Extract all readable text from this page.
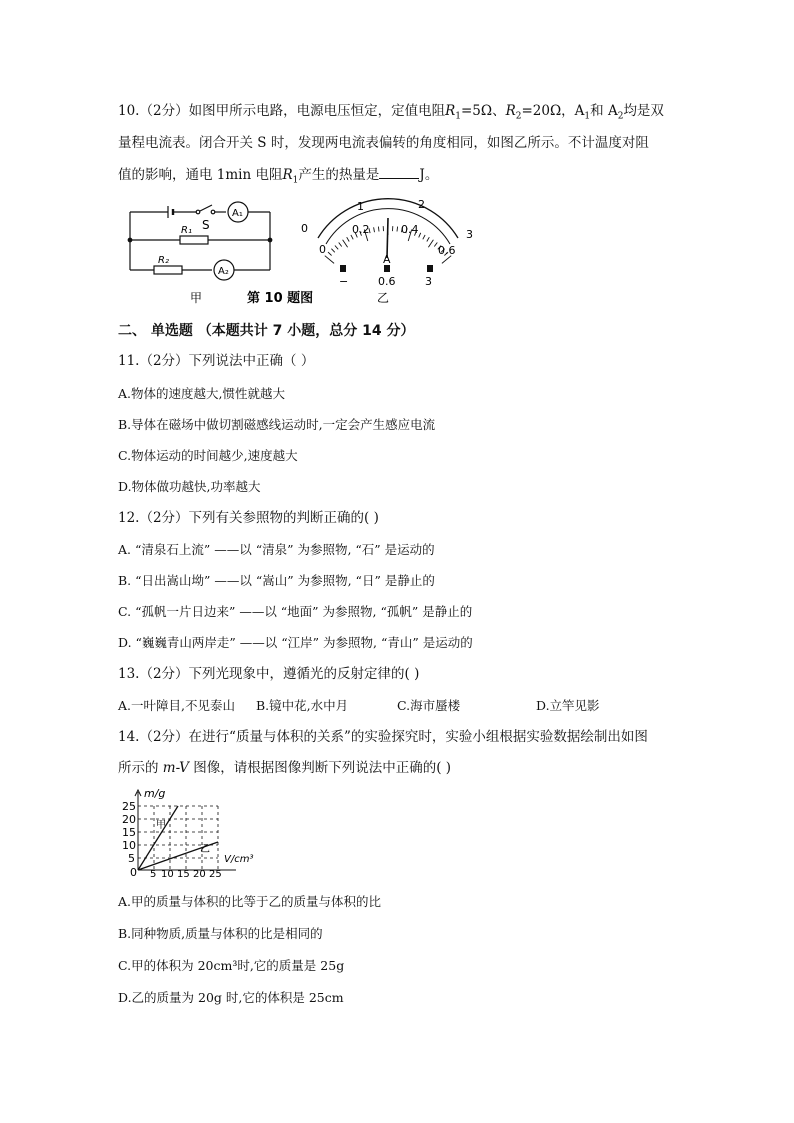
10.（2分）如图甲所示电路，电源电压恒定，定值电阻$R_1=5\Omega$、$R_2=20\Omega$，$A_1$和 $A_2$均是双
量程电流表。闭合开关 S 时，发现两电流表偏转的角度相同，如图乙所示。不计温度对阻
值的影响，通电 1min 电阻$R_1$产生的热量是	J。
S
A₁
R₁
A₂
R₂
甲	第 10 题图
0
1	2
3
0
0.2	0.4
0.6
A
−	0.6	3
乙
二、 单选题 （本题共计 7 小题，总分 14 分）
11.（2分）下列说法中正确（ ）
A.物体的速度越大,惯性就越大
B.导体在磁场中做切割磁感线运动时,一定会产生感应电流
C.物体运动的时间越少,速度越大
D.物体做功越快,功率越大
12.（2分）下列有关参照物的判断正确的( )
A. “清泉石上流” ——以 “清泉” 为参照物, “石” 是运动的
B. “日出嵩山坳” ——以 “嵩山” 为参照物, “日” 是静止的
C. “孤帆一片日边来” ——以 “地面” 为参照物, “孤帆” 是静止的
D. “巍巍青山两岸走” ——以 “江岸” 为参照物, “青山” 是运动的
13.（2分）下列光现象中，遵循光的反射定律的( )
A.一叶障目,不见泰山 B.镜中花,水中月	C.海市蜃楼	D.立竿见影
14.（2分）在进行“质量与体积的关系”的实验探究时，实验小组根据实验数据绘制出如图
所示的 m-V 图像，请根据图像判断下列说法中正确的( )
m/g
25
20
15
10
5
0 5 10 15 20 25
V/cm³
甲
乙
A.甲的质量与体积的比等于乙的质量与体积的比
B.同种物质,质量与体积的比是相同的
C.甲的体积为 20cm³时,它的质量是 25g
D.乙的质量为 20g 时,它的体积是 25cm
